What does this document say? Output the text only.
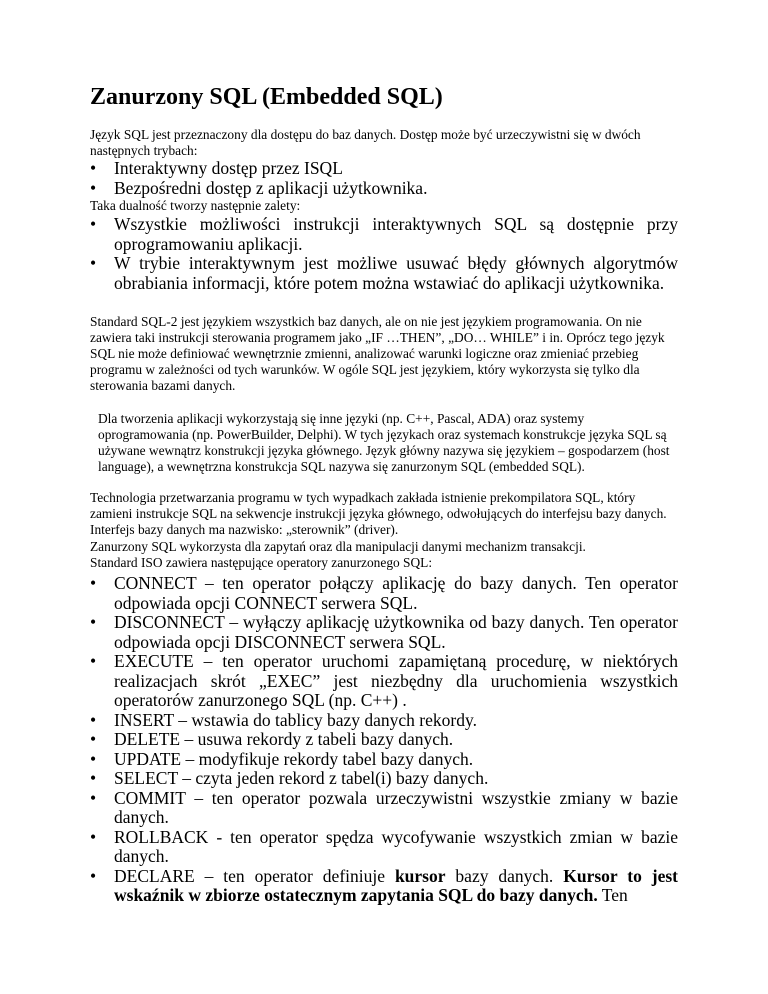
Zanurzony SQL (Embedded SQL)

Język SQL jest przeznaczony dla dostępu do baz danych. Dostęp może być urzeczywistni się w dwóch następnych trybach:

• Interaktywny dostęp przez ISQL
• Bezpośredni dostęp z aplikacji użytkownika.

Taka dualność tworzy następnie zalety:

• Wszystkie możliwości instrukcji interaktywnych SQL są dostępnie przy oprogramowaniu aplikacji.
• W trybie interaktywnym jest możliwe usuwać błędy głównych algorytmów obrabiania informacji, które potem można wstawiać do aplikacji użytkownika.

Standard SQL-2 jest językiem wszystkich baz danych, ale on nie jest językiem programowania. On nie zawiera taki instrukcji sterowania programem jako „IF …THEN”, „DO… WHILE” i in. Oprócz tego język SQL nie może definiować wewnętrznie zmienni, analizować warunki logiczne oraz zmieniać przebieg programu w zależności od tych warunków. W ogóle SQL jest językiem, który wykorzysta się tylko dla sterowania bazami danych.

Dla tworzenia aplikacji wykorzystają się inne języki (np. C++, Pascal, ADA) oraz systemy oprogramowania (np. PowerBuilder, Delphi). W tych językach oraz systemach konstrukcje języka SQL są używane wewnątrz konstrukcji języka głównego. Język główny nazywa się językiem – gospodarzem (host language), a wewnętrzna konstrukcja SQL nazywa się zanurzonym SQL (embedded SQL).

Technologia przetwarzania programu w tych wypadkach zakłada istnienie prekompilatora SQL, który zamieni instrukcje SQL na sekwencje instrukcji języka głównego, odwołujących do interfejsu bazy danych. Interfejs bazy danych ma nazwisko: „sterownik” (driver).

Zanurzony SQL wykorzysta dla zapytań oraz dla manipulacji danymi mechanizm transakcji.

Standard ISO zawiera następujące operatory zanurzonego SQL:

• CONNECT – ten operator połączy aplikację do bazy danych. Ten operator odpowiada opcji CONNECT serwera SQL.
• DISCONNECT – wyłączy aplikację użytkownika od bazy danych. Ten operator odpowiada opcji DISCONNECT serwera SQL.
• EXECUTE – ten operator uruchomi zapamiętaną procedurę, w niektórych realizacjach skrót „EXEC” jest niezbędny dla uruchomienia wszystkich operatorów zanurzonego SQL (np. C++) .
• INSERT – wstawia do tablicy bazy danych rekordy.
• DELETE – usuwa rekordy z tabeli bazy danych.
• UPDATE – modyfikuje rekordy tabel bazy danych.
• SELECT – czyta jeden rekord z tabel(i) bazy danych.
• COMMIT – ten operator pozwala urzeczywistni wszystkie zmiany w bazie danych.
• ROLLBACK - ten operator spędza wycofywanie wszystkich zmian w bazie danych.
• DECLARE – ten operator definiuje kursor bazy danych. Kursor to jest wskaźnik w zbiorze ostatecznym zapytania SQL do bazy danych. Ten
